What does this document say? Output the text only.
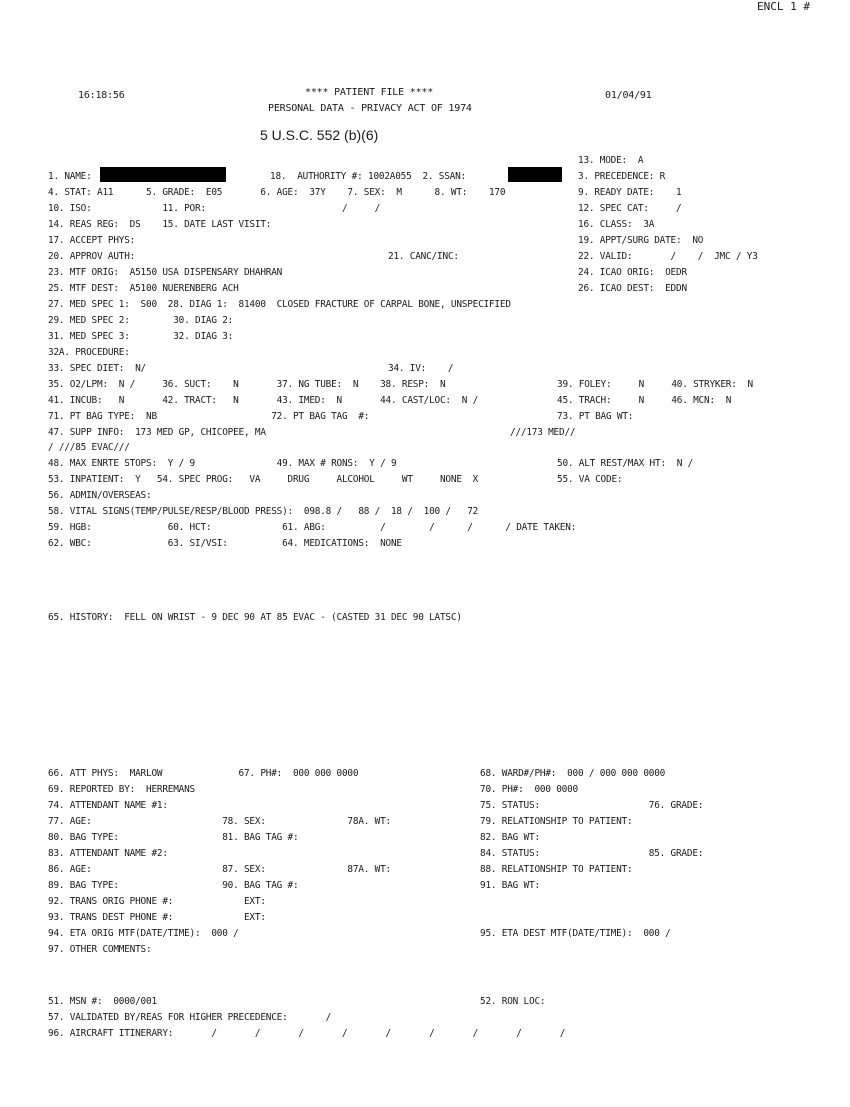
ENCL 1 #
16:18:56	**** PATIENT FILE ****
PERSONAL DATA - PRIVACY ACT OF 1974
01/04/91
5 U.S.C. 552 (b)(6)
13. MODE:  A
1. NAME:	18.  AUTHORITY #: 1002A055  2. SSAN:	3. PRECEDENCE: R
4. STAT: A11      5. GRADE:  E05       6. AGE:  37Y    7. SEX:  M      8. WT:    170	9. READY DATE:    1
10. ISO:             11. POR:                         /     /	12. SPEC CAT:     /
14. REAS REG:  DS    15. DATE LAST VISIT:	16. CLASS:  3A
17. ACCEPT PHYS:	19. APPT/SURG DATE:  NO
20. APPROV AUTH:	21. CANC/INC:	22. VALID:       /    /  JMC / Y3
23. MTF ORIG:  A5150 USA DISPENSARY DHAHRAN	24. ICAO ORIG:  OEDR
25. MTF DEST:  A5100 NUERENBERG ACH	26. ICAO DEST:  EDDN
27. MED SPEC 1:  S00  28. DIAG 1:  81400  CLOSED FRACTURE OF CARPAL BONE, UNSPECIFIED
29. MED SPEC 2:        30. DIAG 2:
31. MED SPEC 3:        32. DIAG 3:
32A. PROCEDURE:
33. SPEC DIET:  N/	34. IV:    /
35. O2/LPM:  N /     36. SUCT:    N       37. NG TUBE:  N    38. RESP:  N	39. FOLEY:     N     40. STRYKER:  N
41. INCUB:   N       42. TRACT:   N       43. IMED:  N       44. CAST/LOC:  N /	45. TRACH:     N     46. MCN:  N
71. PT BAG TYPE:  NB                     72. PT BAG TAG  #:	73. PT BAG WT:
47. SUPP INFO:  173 MED GP, CHICOPEE, MA	///173 MED//
/ ///85 EVAC///
48. MAX ENRTE STOPS:  Y / 9               49. MAX # RONS:  Y / 9	50. ALT REST/MAX HT:  N /
53. INPATIENT:  Y   54. SPEC PROG:   VA     DRUG     ALCOHOL     WT     NONE  X	55. VA CODE:
56. ADMIN/OVERSEAS:
58. VITAL SIGNS(TEMP/PULSE/RESP/BLOOD PRESS):  098.8 /   88 /  18 /  100 /   72
59. HGB:              60. HCT:             61. ABG:          /        /      /      / DATE TAKEN:
62. WBC:              63. SI/VSI:          64. MEDICATIONS:  NONE
65. HISTORY:  FELL ON WRIST - 9 DEC 90 AT 85 EVAC - (CASTED 31 DEC 90 LATSC)
66. ATT PHYS:  MARLOW              67. PH#:  000 000 0000	68. WARD#/PH#:  000 / 000 000 0000
69. REPORTED BY:  HERREMANS	70. PH#:  000 0000
74. ATTENDANT NAME #1:	75. STATUS:                    76. GRADE:
77. AGE:                        78. SEX:               78A. WT:	79. RELATIONSHIP TO PATIENT:
80. BAG TYPE:                   81. BAG TAG #:	82. BAG WT:
83. ATTENDANT NAME #2:	84. STATUS:                    85. GRADE:
86. AGE:                        87. SEX:               87A. WT:	88. RELATIONSHIP TO PATIENT:
89. BAG TYPE:                   90. BAG TAG #:	91. BAG WT:
92. TRANS ORIG PHONE #:             EXT:
93. TRANS DEST PHONE #:             EXT:
94. ETA ORIG MTF(DATE/TIME):  000 /	95. ETA DEST MTF(DATE/TIME):  000 /
97. OTHER COMMENTS:
51. MSN #:  0000/001	52. RON LOC:
57. VALIDATED BY/REAS FOR HIGHER PRECEDENCE:       /
96. AIRCRAFT ITINERARY:       /       /       /       /       /       /       /       /       /
